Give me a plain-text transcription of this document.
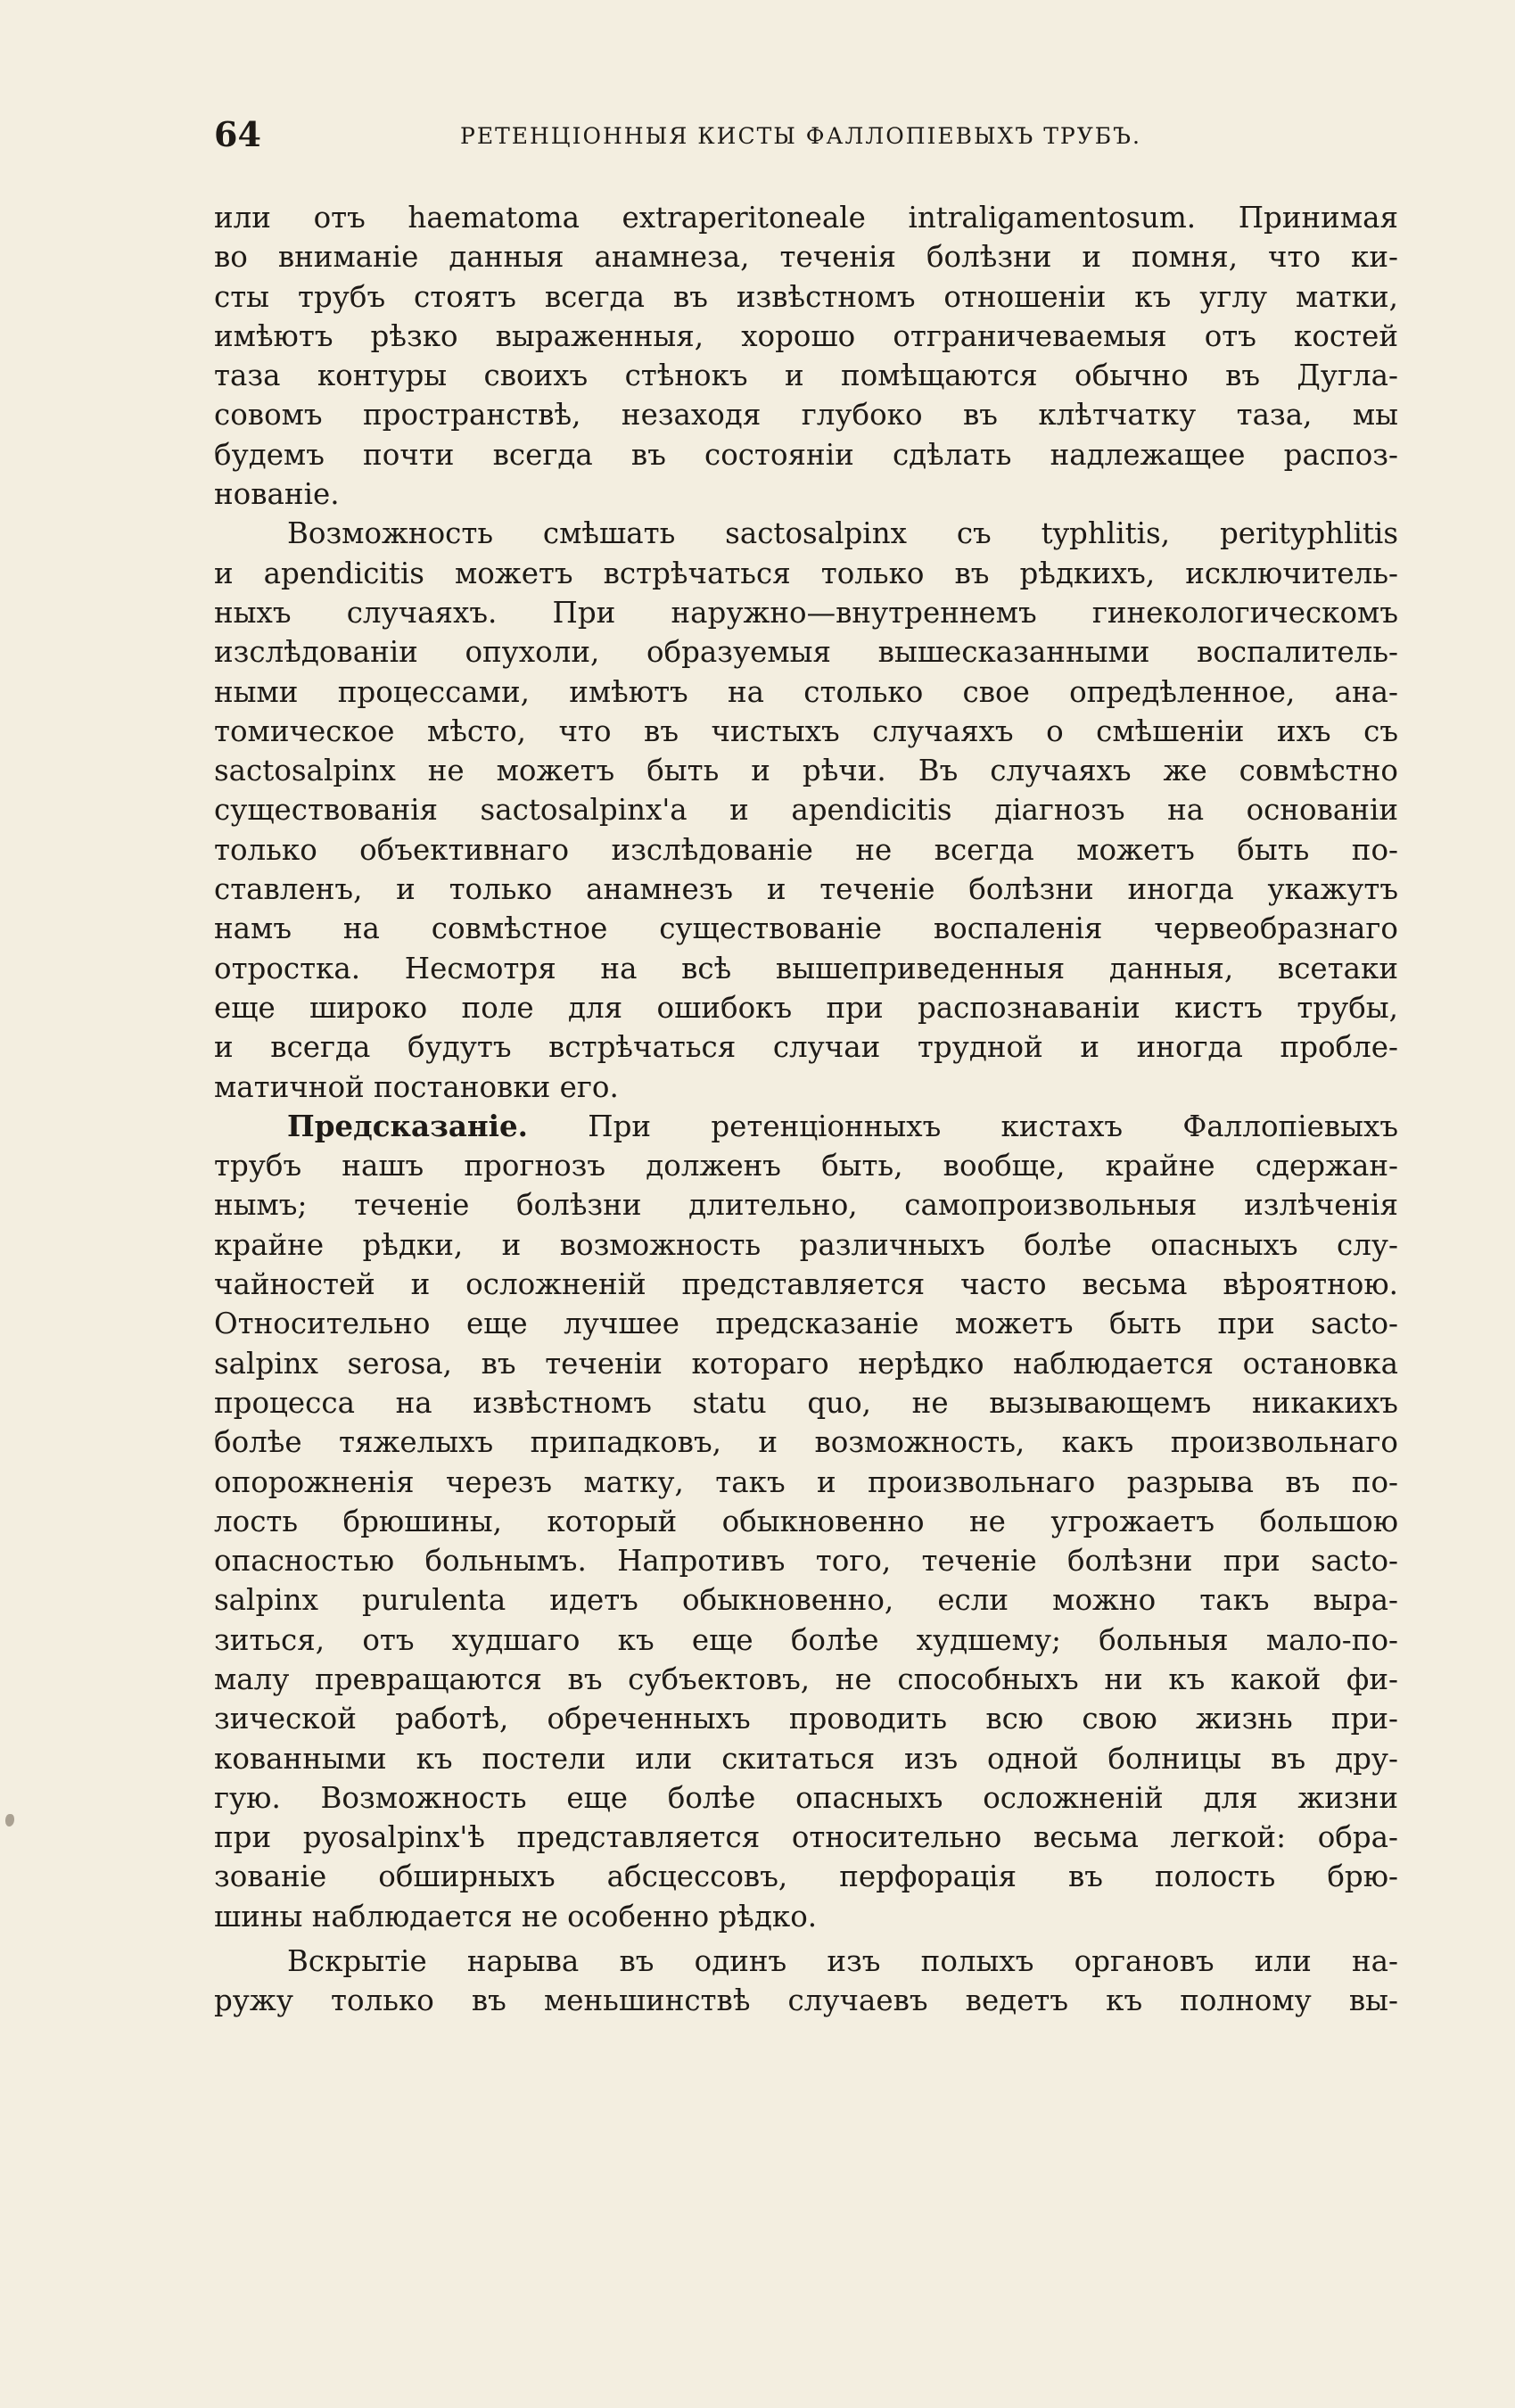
64	РЕТЕНЦІОННЫЯ КИСТЫ ФАЛЛОПІЕВЫХЪ ТРУБЪ.
или отъ haematoma extraperitoneale intraligamentosum. Принимая
во вниманіе данныя анамнеза, теченія болѣзни и помня, что ки-
сты трубъ стоятъ всегда въ извѣстномъ отношеніи къ углу матки,
имѣютъ рѣзко выраженныя, хорошо отграничеваемыя отъ костей
таза контуры своихъ стѣнокъ и помѣщаются обычно въ Дугла-
совомъ пространствѣ, незаходя глубоко въ клѣтчатку таза, мы
будемъ почти всегда въ состояніи сдѣлать надлежащее распоз-
нованіе.
Возможность смѣшать sactosalpinx съ typhlitis, perityphlitis
и apendicitis можетъ встрѣчаться только въ рѣдкихъ, исключитель-
ныхъ случаяхъ. При наружно—внутреннемъ гинекологическомъ
изслѣдованіи опухоли, образуемыя вышесказанными воспалитель-
ными процессами, имѣютъ на столько свое опредѣленное, ана-
томическое мѣсто, что въ чистыхъ случаяхъ о смѣшеніи ихъ съ
sactosalpinx не можетъ быть и рѣчи. Въ случаяхъ же совмѣстно
существованія sactosalpinx'а и apendicitis діагнозъ на основаніи
только объективнаго изслѣдованіе не всегда можетъ быть по-
ставленъ, и только анамнезъ и теченіе болѣзни иногда укажутъ
намъ на совмѣстное существованіе воспаленія червеобразнаго
отростка. Несмотря на всѣ вышеприведенныя данныя, всетаки
еще широко поле для ошибокъ при распознаваніи кистъ трубы,
и всегда будутъ встрѣчаться случаи трудной и иногда пробле-
матичной постановки его.
Предсказаніе. При ретенціонныхъ кистахъ Фаллопіевыхъ
трубъ нашъ прогнозъ долженъ быть, вообще, крайне сдержан-
нымъ; теченіе болѣзни длительно, самопроизвольныя излѣченія
крайне рѣдки, и возможность различныхъ болѣе опасныхъ слу-
чайностей и осложненій представляется часто весьма вѣроятною.
Относительно еще лучшее предсказаніе можетъ быть при sacto-
salpinx serosa, въ теченіи котораго нерѣдко наблюдается остановка
процесса на извѣстномъ statu quo, не вызывающемъ никакихъ
болѣе тяжелыхъ припадковъ, и возможность, какъ произвольнаго
опорожненія черезъ матку, такъ и произвольнаго разрыва въ по-
лость брюшины, который обыкновенно не угрожаетъ большою
опасностью больнымъ. Напротивъ того, теченіе болѣзни при sacto-
salpinx purulenta идетъ обыкновенно, если можно такъ выра-
зиться, отъ худшаго къ еще болѣе худшему; больныя мало-по-
малу превращаются въ субъектовъ, не способныхъ ни къ какой фи-
зической работѣ, обреченныхъ проводить всю свою жизнь при-
кованными къ постели или скитаться изъ одной болницы въ дру-
гую. Возможность еще болѣе опасныхъ осложненій для жизни
при pyosalpinx'ѣ представляется относительно весьма легкой: обра-
зованіе обширныхъ абсцессовъ, перфорація въ полость брю-
шины наблюдается не особенно рѣдко.
Вскрытіе нарыва въ одинъ изъ полыхъ органовъ или на-
ружу только въ меньшинствѣ случаевъ ведетъ къ полному вы-
